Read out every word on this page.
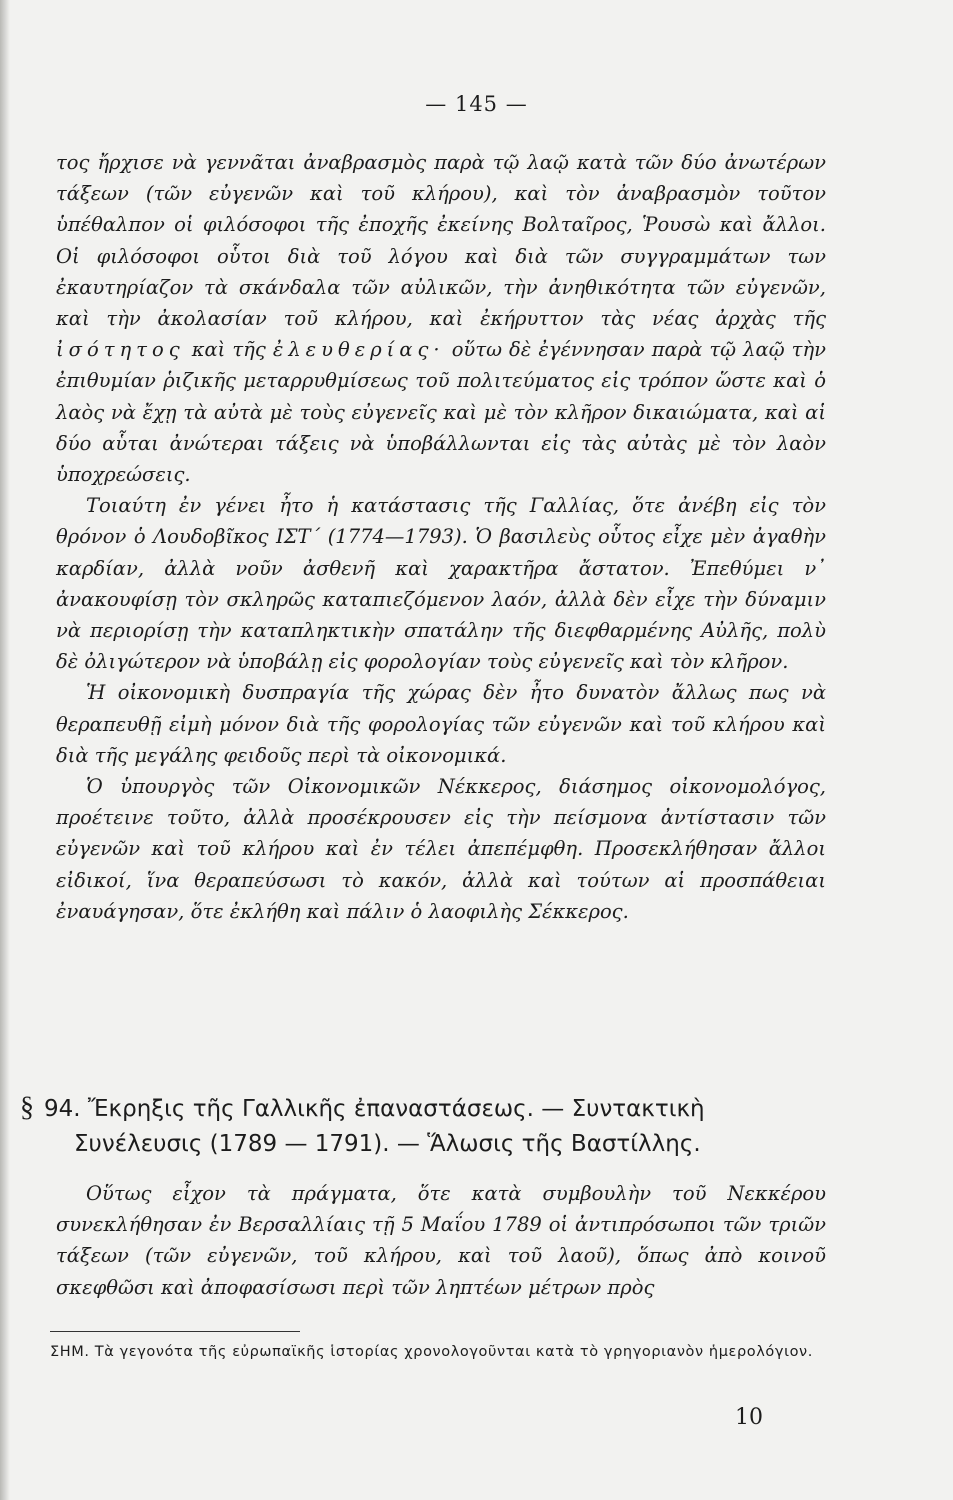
— 145 —

τος ἤρχισε νὰ γεννᾶται ἀναβρασμὸς παρὰ τῷ λαῷ κατὰ τῶν δύο ἀνωτέρων τάξεων (τῶν εὐγενῶν καὶ τοῦ κλήρου), καὶ τὸν ἀναβρασμὸν τοῦτον ὑπέθαλπον οἱ φιλόσοφοι τῆς ἐποχῆς ἐκείνης Βολταῖρος, Ῥουσὼ καὶ ἄλλοι. Οἱ φιλόσοφοι οὗτοι διὰ τοῦ λόγου καὶ διὰ τῶν συγγραμμάτων των ἐκαυτηρίαζον τὰ σκάνδαλα τῶν αὐλικῶν, τὴν ἀνηθικότητα τῶν εὐγενῶν, καὶ τὴν ἀκολασίαν τοῦ κλήρου, καὶ ἐκήρυττον τὰς νέας ἀρχὰς τῆς ἰσότητος καὶ τῆς ἐλευθερίας· οὕτω δὲ ἐγέννησαν παρὰ τῷ λαῷ τὴν ἐπιθυμίαν ῥιζικῆς μεταρρυθμίσεως τοῦ πολιτεύματος εἰς τρόπον ὥστε καὶ ὁ λαὸς νὰ ἔχῃ τὰ αὐτὰ μὲ τοὺς εὐγενεῖς καὶ μὲ τὸν κλῆρον δικαιώματα, καὶ αἱ δύο αὗται ἀνώτεραι τάξεις νὰ ὑποβάλλωνται εἰς τὰς αὐτὰς μὲ τὸν λαὸν ὑποχρεώσεις.

Τοιαύτη ἐν γένει ἦτο ἡ κατάστασις τῆς Γαλλίας, ὅτε ἀνέβη εἰς τὸν θρόνον ὁ Λουδοβῖκος ΙΣΤ΄ (1774—1793). Ὁ βασιλεὺς οὗτος εἶχε μὲν ἀγαθὴν καρδίαν, ἀλλὰ νοῦν ἀσθενῆ καὶ χαρακτῆρα ἄστατον. Ἐπεθύμει ν᾿ ἀνακουφίσῃ τὸν σκληρῶς καταπιεζόμενον λαόν, ἀλλὰ δὲν εἶχε τὴν δύναμιν νὰ περιορίσῃ τὴν καταπληκτικὴν σπατάλην τῆς διεφθαρμένης Αὐλῆς, πολὺ δὲ ὀλιγώτερον νὰ ὑποβάλῃ εἰς φορολογίαν τοὺς εὐγενεῖς καὶ τὸν κλῆρον.

Ἡ οἰκονομικὴ δυσπραγία τῆς χώρας δὲν ἦτο δυνατὸν ἄλλως πως νὰ θεραπευθῇ εἰμὴ μόνον διὰ τῆς φορολογίας τῶν εὐγενῶν καὶ τοῦ κλήρου καὶ διὰ τῆς μεγάλης φειδοῦς περὶ τὰ οἰκονομικά.

Ὁ ὑπουργὸς τῶν Οἰκονομικῶν Νέκκερος, διάσημος οἰκονομολόγος, προέτεινε τοῦτο, ἀλλὰ προσέκρουσεν εἰς τὴν πείσμονα ἀντίστασιν τῶν εὐγενῶν καὶ τοῦ κλήρου καὶ ἐν τέλει ἀπεπέμφθη. Προσεκλήθησαν ἄλλοι εἰδικοί, ἵνα θεραπεύσωσι τὸ κακόν, ἀλλὰ καὶ τούτων αἱ προσπάθειαι ἐναυάγησαν, ὅτε ἐκλήθη καὶ πάλιν ὁ λαοφιλὴς Σέκκερος.

§ 94. Ἔκρηξις τῆς Γαλλικῆς ἐπαναστάσεως. — Συντακτικὴ
Συνέλευσις (1789 — 1791). — Ἅλωσις τῆς Βαστίλλης.

Οὕτως εἶχον τὰ πράγματα, ὅτε κατὰ συμβουλὴν τοῦ Νεκκέρου συνεκλήθησαν ἐν Βερσαλλίαις τῇ 5 Μαΐου 1789 οἱ ἀντιπρόσωποι τῶν τριῶν τάξεων (τῶν εὐγενῶν, τοῦ κλήρου, καὶ τοῦ λαοῦ), ὅπως ἀπὸ κοινοῦ σκεφθῶσι καὶ ἀποφασίσωσι περὶ τῶν ληπτέων μέτρων πρὸς

ΣΗΜ. Τὰ γεγονότα τῆς εὐρωπαϊκῆς ἱστορίας χρονολογοῦνται κατὰ τὸ γρηγοριανὸν ἡμερολόγιον.
10
